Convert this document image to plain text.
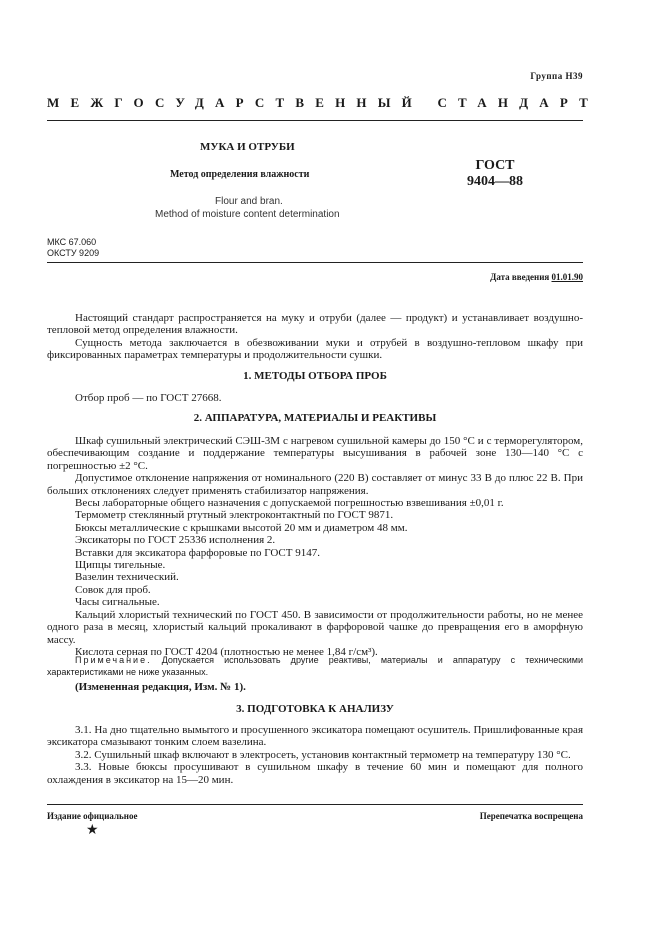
Группа Н39
МЕЖГОСУДАРСТВЕННЫЙ СТАНДАРТ
МУКА И ОТРУБИ
Метод определения влажности
Flour and bran.
Method of moisture content determination
ГОСТ
9404—88
МКС 67.060
ОКСТУ 9209
Дата введения 01.01.90

Настоящий стандарт распространяется на муку и отруби (далее — продукт) и устанавливает воздушно-тепловой метод определения влажности.

Сущность метода заключается в обезвоживании муки и отрубей в воздушно-тепловом шкафу при фиксированных параметрах температуры и продолжительности сушки.

1. МЕТОДЫ ОТБОРА ПРОБ

Отбор проб — по ГОСТ 27668.

2. АППАРАТУРА, МАТЕРИАЛЫ И РЕАКТИВЫ

Шкаф сушильный электрический СЭШ-3М с нагревом сушильной камеры до 150 °С и с терморегулятором, обеспечивающим создание и поддержание температуры высушивания в рабочей зоне 130—140 °С с погрешностью ±2 °С.

Допустимое отклонение напряжения от номинального (220 В) составляет от минус 33 В до плюс 22 В. При больших отклонениях следует применять стабилизатор напряжения.

Весы лабораторные общего назначения с допускаемой погрешностью взвешивания ±0,01 г.

Термометр стеклянный ртутный электроконтактный по ГОСТ 9871.

Бюксы металлические с крышками высотой 20 мм и диаметром 48 мм.

Эксикаторы по ГОСТ 25336 исполнения 2.

Вставки для эксикатора фарфоровые по ГОСТ 9147.

Щипцы тигельные.

Вазелин технический.

Совок для проб.

Часы сигнальные.

Кальций хлористый технический по ГОСТ 450. В зависимости от продолжительности работы, но не менее одного раза в месяц, хлористый кальций прокаливают в фарфоровой чашке до превращения его в аморфную массу.

Кислота серная по ГОСТ 4204 (плотностью не менее 1,84 г/см³).

Примечание. Допускается использовать другие реактивы, материалы и аппаратуру с техническими характеристиками не ниже указанных.
(Измененная редакция, Изм. № 1).
3. ПОДГОТОВКА К АНАЛИЗУ

3.1. На дно тщательно вымытого и просушенного эксикатора помещают осушитель. Пришлифованные края эксикатора смазывают тонким слоем вазелина.

3.2. Сушильный шкаф включают в электросеть, установив контактный термометр на температуру 130 °С.

3.3. Новые бюксы просушивают в сушильном шкафу в течение 60 мин и помещают для полного охлаждения в эксикатор на 15—20 мин.

Издание официальное	Перепечатка воспрещена
★
